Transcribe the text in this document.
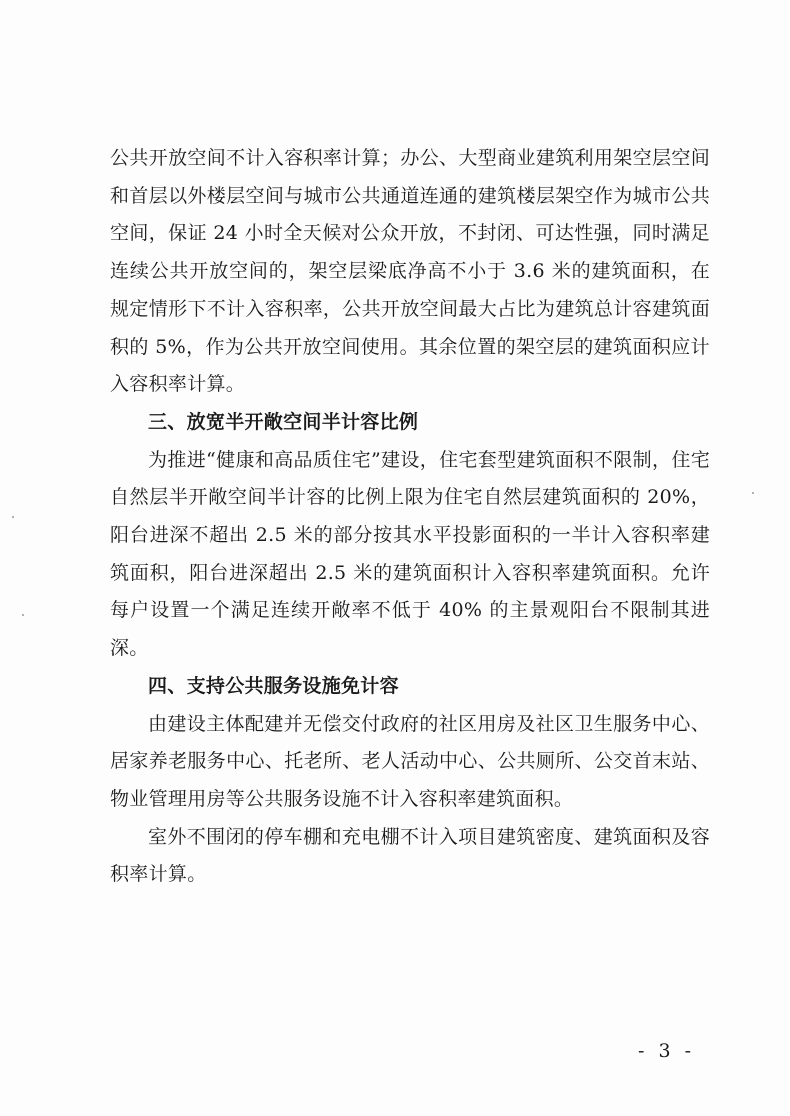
公共开放空间不计入容积率计算；办公、大型商业建筑利用架空层空间和首层以外楼层空间与城市公共通道连通的建筑楼层架空作为城市公共空间，保证 24 小时全天候对公众开放，不封闭、可达性强，同时满足连续公共开放空间的，架空层梁底净高不小于 3.6 米的建筑面积，在规定情形下不计入容积率，公共开放空间最大占比为建筑总计容建筑面积的 5%，作为公共开放空间使用。其余位置的架空层的建筑面积应计入容积率计算。

三、放宽半开敞空间半计容比例

为推进“健康和高品质住宅”建设，住宅套型建筑面积不限制，住宅自然层半开敞空间半计容的比例上限为住宅自然层建筑面积的 20%，阳台进深不超出 2.5 米的部分按其水平投影面积的一半计入容积率建筑面积，阳台进深超出 2.5 米的建筑面积计入容积率建筑面积。允许每户设置一个满足连续开敞率不低于 40% 的主景观阳台不限制其进深。

四、支持公共服务设施免计容

由建设主体配建并无偿交付政府的社区用房及社区卫生服务中心、居家养老服务中心、托老所、老人活动中心、公共厕所、公交首末站、物业管理用房等公共服务设施不计入容积率建筑面积。

室外不围闭的停车棚和充电棚不计入项目建筑密度、建筑面积及容积率计算。

- 3 -
